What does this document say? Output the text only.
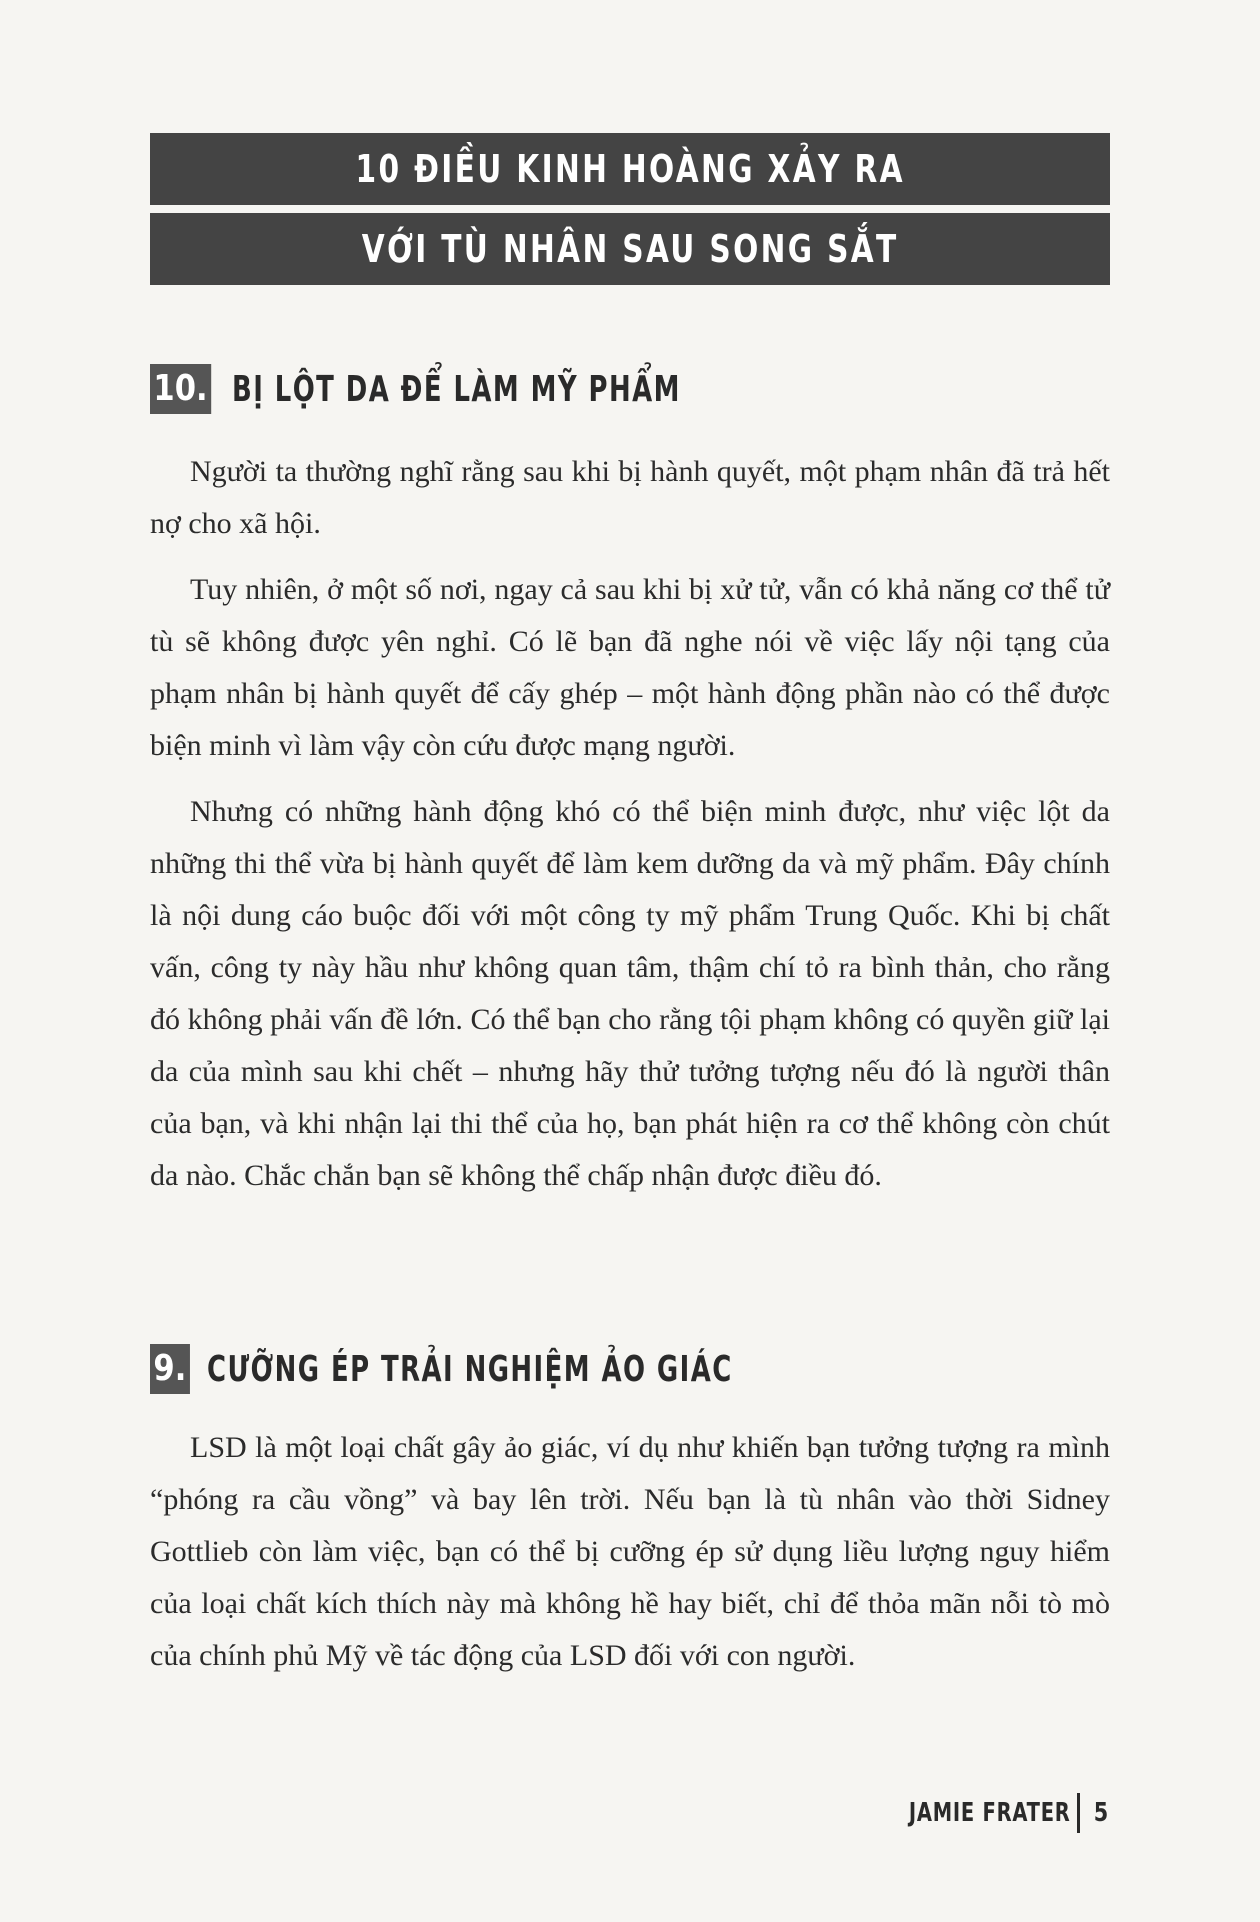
10 ĐIỀU KINH HOÀNG XẢY RA
VỚI TÙ NHÂN SAU SONG SẮT
10. BỊ LỘT DA ĐỂ LÀM MỸ PHẨM

Người ta thường nghĩ rằng sau khi bị hành quyết, một phạm nhân đã trả hết nợ cho xã hội.

Tuy nhiên, ở một số nơi, ngay cả sau khi bị xử tử, vẫn có khả năng cơ thể tử tù sẽ không được yên nghỉ. Có lẽ bạn đã nghe nói về việc lấy nội tạng của phạm nhân bị hành quyết để cấy ghép – một hành động phần nào có thể được biện minh vì làm vậy còn cứu được mạng người.

Nhưng có những hành động khó có thể biện minh được, như việc lột da những thi thể vừa bị hành quyết để làm kem dưỡng da và mỹ phẩm. Đây chính là nội dung cáo buộc đối với một công ty mỹ phẩm Trung Quốc. Khi bị chất vấn, công ty này hầu như không quan tâm, thậm chí tỏ ra bình thản, cho rằng đó không phải vấn đề lớn. Có thể bạn cho rằng tội phạm không có quyền giữ lại da của mình sau khi chết – nhưng hãy thử tưởng tượng nếu đó là người thân của bạn, và khi nhận lại thi thể của họ, bạn phát hiện ra cơ thể không còn chút da nào. Chắc chắn bạn sẽ không thể chấp nhận được điều đó.

9. CƯỠNG ÉP TRẢI NGHIỆM ẢO GIÁC

LSD là một loại chất gây ảo giác, ví dụ như khiến bạn tưởng tượng ra mình “phóng ra cầu vồng” và bay lên trời. Nếu bạn là tù nhân vào thời Sidney Gottlieb còn làm việc, bạn có thể bị cưỡng ép sử dụng liều lượng nguy hiểm của loại chất kích thích này mà không hề hay biết, chỉ để thỏa mãn nỗi tò mò của chính phủ Mỹ về tác động của LSD đối với con người.

JAMIE FRATER 5
